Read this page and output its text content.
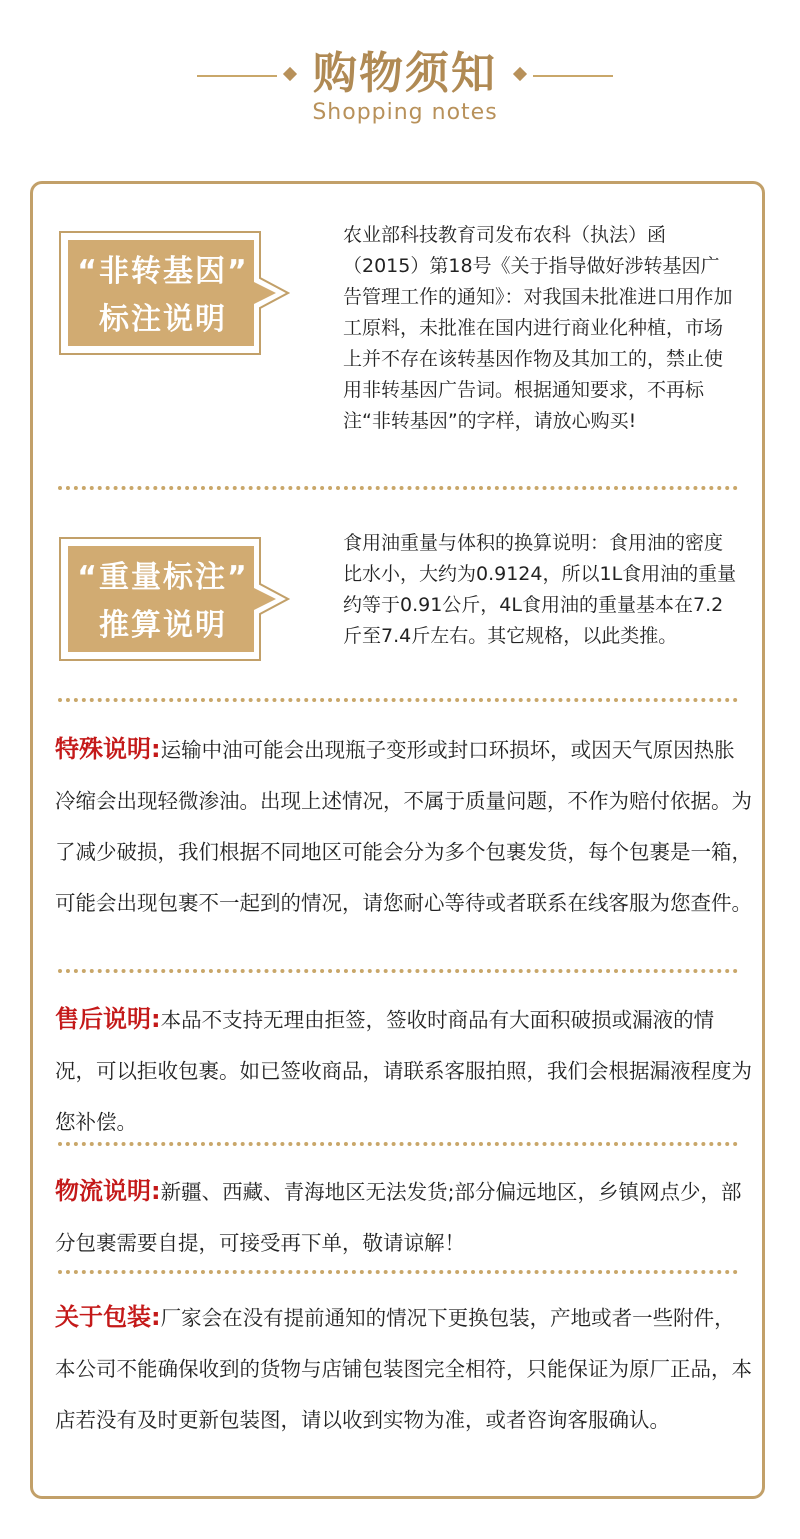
购物须知
Shopping notes
“非转基因”
标注说明
农业部科技教育司发布农科（执法）函（2015）第18号《关于指导做好涉转基因广告管理工作的通知》：对我国未批准进口用作加工原料，未批准在国内进行商业化种植，市场上并不存在该转基因作物及其加工的，禁止使用非转基因广告词。根据通知要求，不再标注“非转基因”的字样，请放心购买!
“重量标注”
推算说明
食用油重量与体积的换算说明：食用油的密度比水小，大约为0.9124，所以1L食用油的重量约等于0.91公斤，4L食用油的重量基本在7.2斤至7.4斤左右。其它规格，以此类推。
特殊说明:运输中油可能会出现瓶子变形或封口环损坏，或因天气原因热胀冷缩会出现轻微渗油。出现上述情况，不属于质量问题，不作为赔付依据。为了减少破损，我们根据不同地区可能会分为多个包裹发货，每个包裹是一箱，可能会出现包裹不一起到的情况，请您耐心等待或者联系在线客服为您查件。
售后说明:本品不支持无理由拒签，签收时商品有大面积破损或漏液的情况，可以拒收包裹。如已签收商品，请联系客服拍照，我们会根据漏液程度为您补偿。
物流说明:新疆、西藏、青海地区无法发货;部分偏远地区，乡镇网点少，部分包裹需要自提，可接受再下单，敬请谅解！
关于包装:厂家会在没有提前通知的情况下更换包装，产地或者一些附件，本公司不能确保收到的货物与店铺包装图完全相符，只能保证为原厂正品，本店若没有及时更新包装图，请以收到实物为准，或者咨询客服确认。
